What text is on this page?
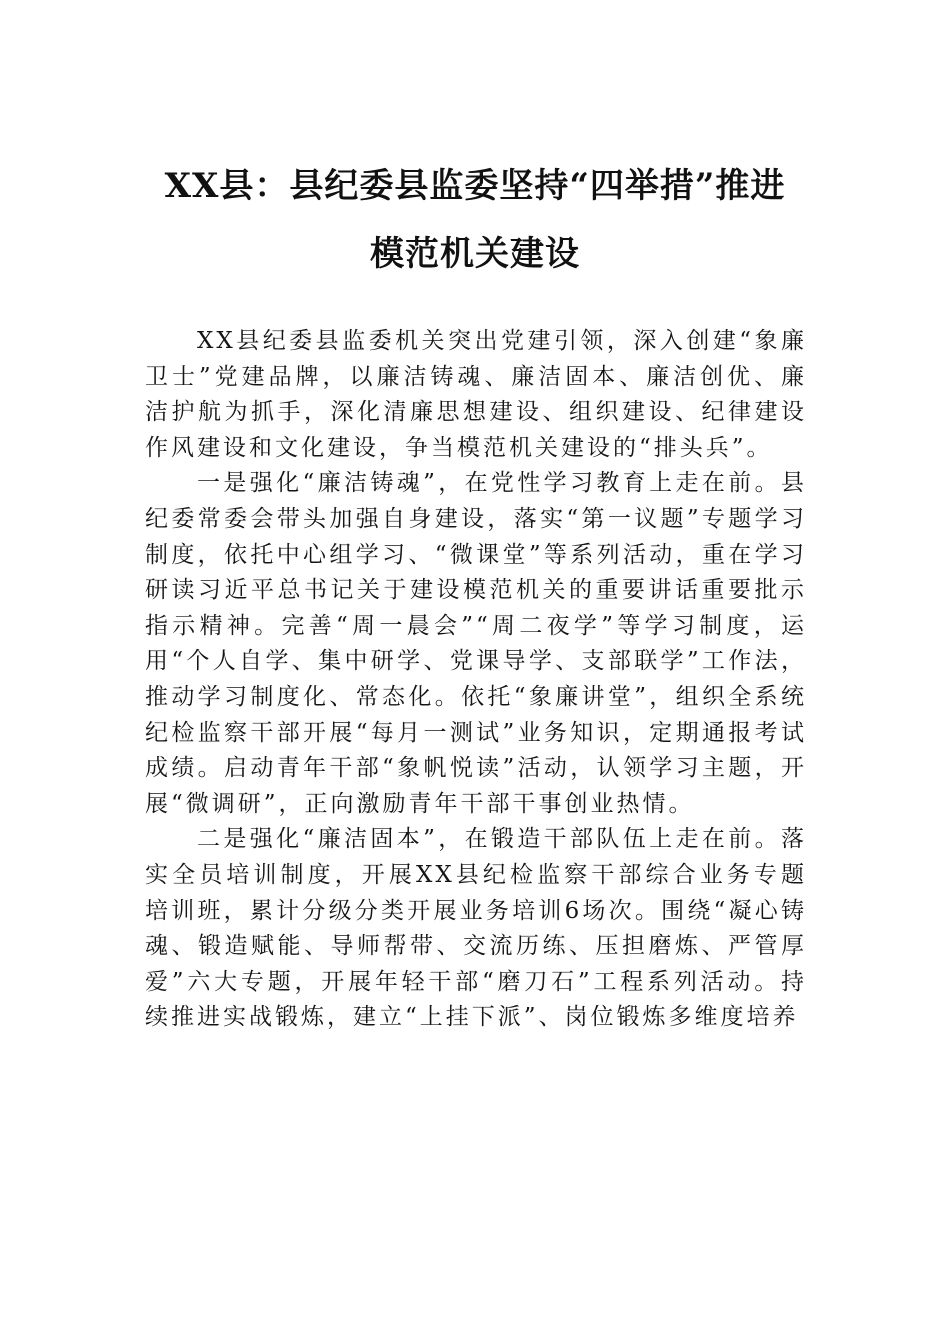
XX县：县纪委县监委坚持“四举措”推进
模范机关建设

XX县纪委县监委机关突出党建引领，深入创建“象廉卫士”党建品牌，以廉洁铸魂、廉洁固本、廉洁创优、廉洁护航为抓手，深化清廉思想建设、组织建设、纪律建设作风建设和文化建设，争当模范机关建设的“排头兵”。

一是强化“廉洁铸魂”，在党性学习教育上走在前。县纪委常委会带头加强自身建设，落实“第一议题”专题学习制度，依托中心组学习、“微课堂”等系列活动，重在学习研读习近平总书记关于建设模范机关的重要讲话重要批示指示精神。完善“周一晨会”“周二夜学”等学习制度，运用“个人自学、集中研学、党课导学、支部联学”工作法，推动学习制度化、常态化。依托“象廉讲堂”，组织全系统纪检监察干部开展“每月一测试”业务知识，定期通报考试成绩。启动青年干部“象帆悦读”活动，认领学习主题，开展“微调研”，正向激励青年干部干事创业热情。

二是强化“廉洁固本”，在锻造干部队伍上走在前。落实全员培训制度，开展XX县纪检监察干部综合业务专题培训班，累计分级分类开展业务培训6场次。围绕“凝心铸魂、锻造赋能、导师帮带、交流历练、压担磨炼、严管厚爱”六大专题，开展年轻干部“磨刀石”工程系列活动。持续推进实战锻炼，建立“上挂下派”、岗位锻炼多维度培养
